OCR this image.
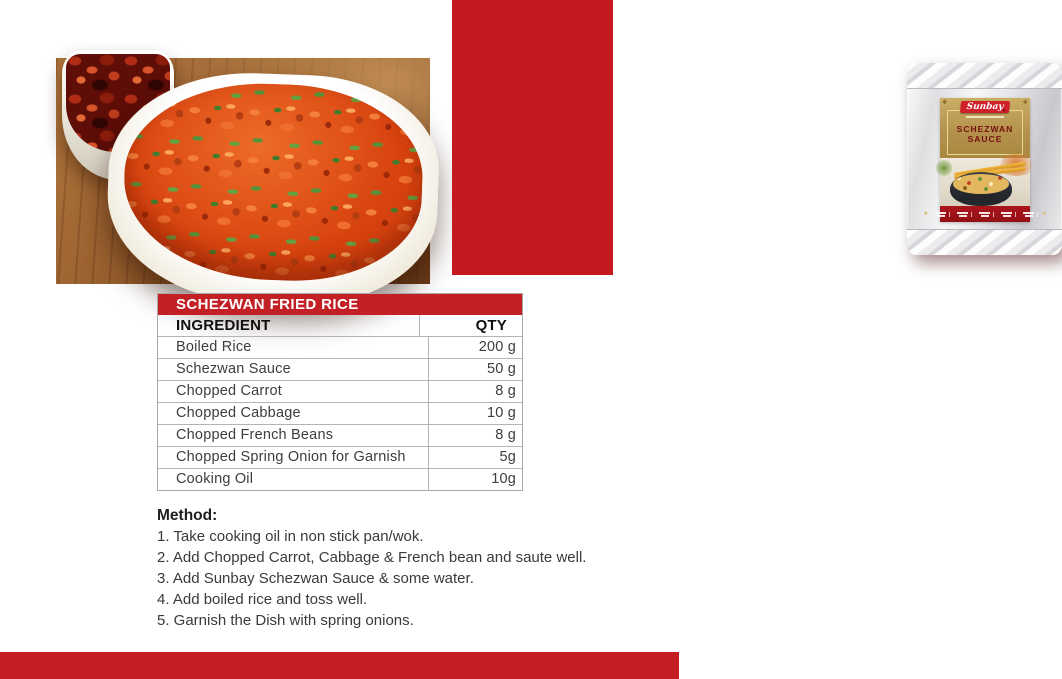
❖	❖
Sunbay
SCHEZWAN
SAUCE
❖	❖
SCHEZWAN FRIED RICE
INGREDIENT	QTY
Boiled Rice	200 g
Schezwan Sauce	50 g
Chopped Carrot	8 g
Chopped Cabbage	10 g
Chopped French Beans	8 g
Chopped Spring Onion for Garnish	5g
Cooking Oil	10g
Method:
1. Take cooking oil in non stick pan/wok.
2. Add Chopped Carrot, Cabbage & French bean and saute well.
3. Add Sunbay Schezwan Sauce & some water.
4. Add boiled rice and toss well.
5. Garnish the Dish with spring onions.
